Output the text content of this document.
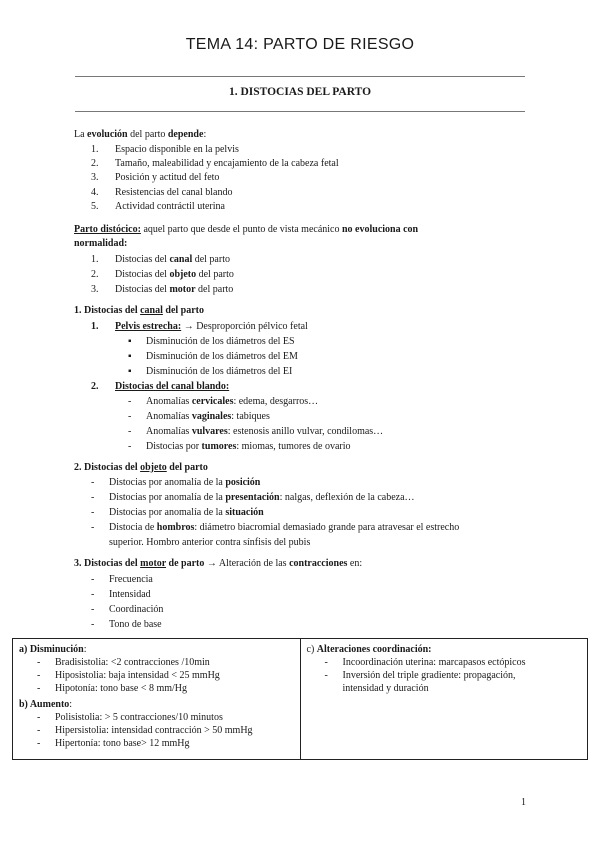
TEMA 14: PARTO DE RIESGO
1. DISTOCIAS DEL PARTO
La evolución del parto depende:
1. Espacio disponible en la pelvis
2. Tamaño, maleabilidad y encajamiento de la cabeza fetal
3. Posición y actitud del feto
4. Resistencias del canal blando
5. Actividad contráctil uterina
Parto distócico: aquel parto que desde el punto de vista mecánico no evoluciona con
normalidad:
1. Distocias del canal del parto
2. Distocias del objeto del parto
3. Distocias del motor del parto
1. Distocias del canal del parto
1. Pelvis estrecha: → Desproporción pélvico fetal
▪ Disminución de los diámetros del ES
▪ Disminución de los diámetros del EM
▪ Disminución de los diámetros del EI
2. Distocias del canal blando:
- Anomalías cervicales: edema, desgarros…
- Anomalías vaginales: tabiques
- Anomalías vulvares: estenosis anillo vulvar, condilomas…
- Distocias por tumores: miomas, tumores de ovario
2. Distocias del objeto del parto
- Distocias por anomalía de la posición
- Distocias por anomalía de la presentación: nalgas, deflexión de la cabeza…
- Distocias por anomalía de la situación
- Distocia de hombros: diámetro biacromial demasiado grande para atravesar el estrecho
superior. Hombro anterior contra sínfisis del pubis
3. Distocias del motor de parto → Alteración de las contracciones en:
- Frecuencia
- Intensidad
- Coordinación
- Tono de base
a) Disminución:
- Bradisistolia: <2 contracciones /10min
- Hiposistolia: baja intensidad < 25 mmHg
- Hipotonía: tono base < 8 mm/Hg
b) Aumento:
- Polisistolia: > 5 contracciones/10 minutos
- Hipersistolia: intensidad contracción > 50 mmHg
- Hipertonía: tono base> 12 mmHg

c) Alteraciones coordinación:
- Incoordinación uterina: marcapasos ectópicos
- Inversión del triple gradiente: propagación,
intensidad y duración
1
